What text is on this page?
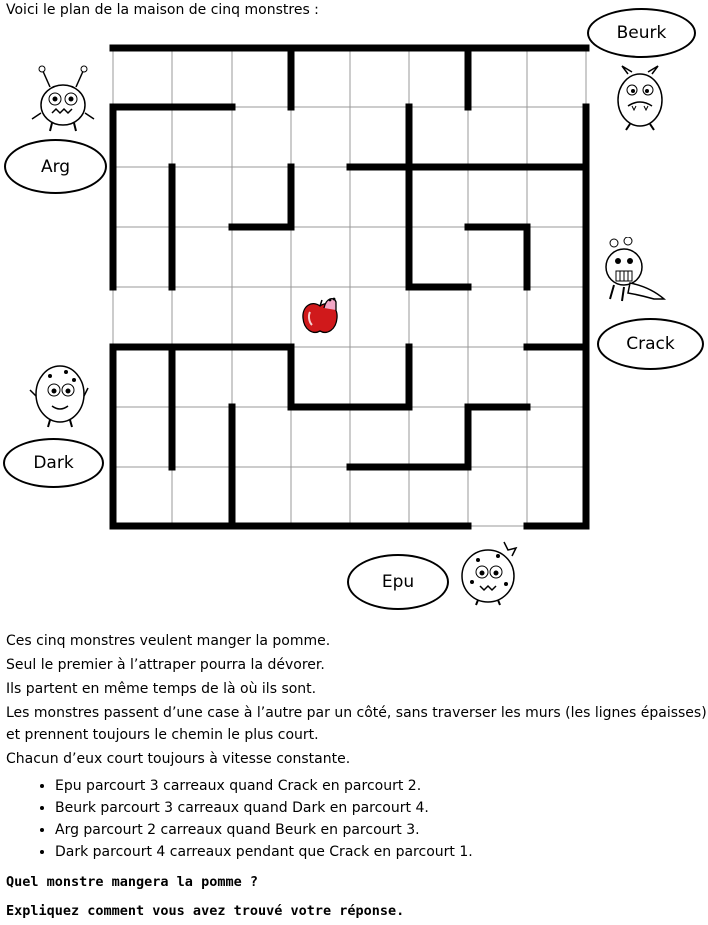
Voici le plan de la maison de cinq monstres :
Beurk
Arg
Crack
Dark
Epu

Ces cinq monstres veulent manger la pomme.

Seul le premier à l’attraper pourra la dévorer.

Ils partent en même temps de là où ils sont.

Les monstres passent d’une case à l’autre par un côté, sans traverser les murs (les lignes épaisses)

et prennent toujours le chemin le plus court.

Chacun d’eux court toujours à vitesse constante.

• Epu parcourt 3 carreaux quand Crack en parcourt 2.
• Beurk parcourt 3 carreaux quand Dark en parcourt 4.
• Arg parcourt 2 carreaux quand Beurk en parcourt 3.
• Dark parcourt 4 carreaux pendant que Crack en parcourt 1.
Quel monstre mangera la pomme ?
Expliquez comment vous avez trouvé votre réponse.
